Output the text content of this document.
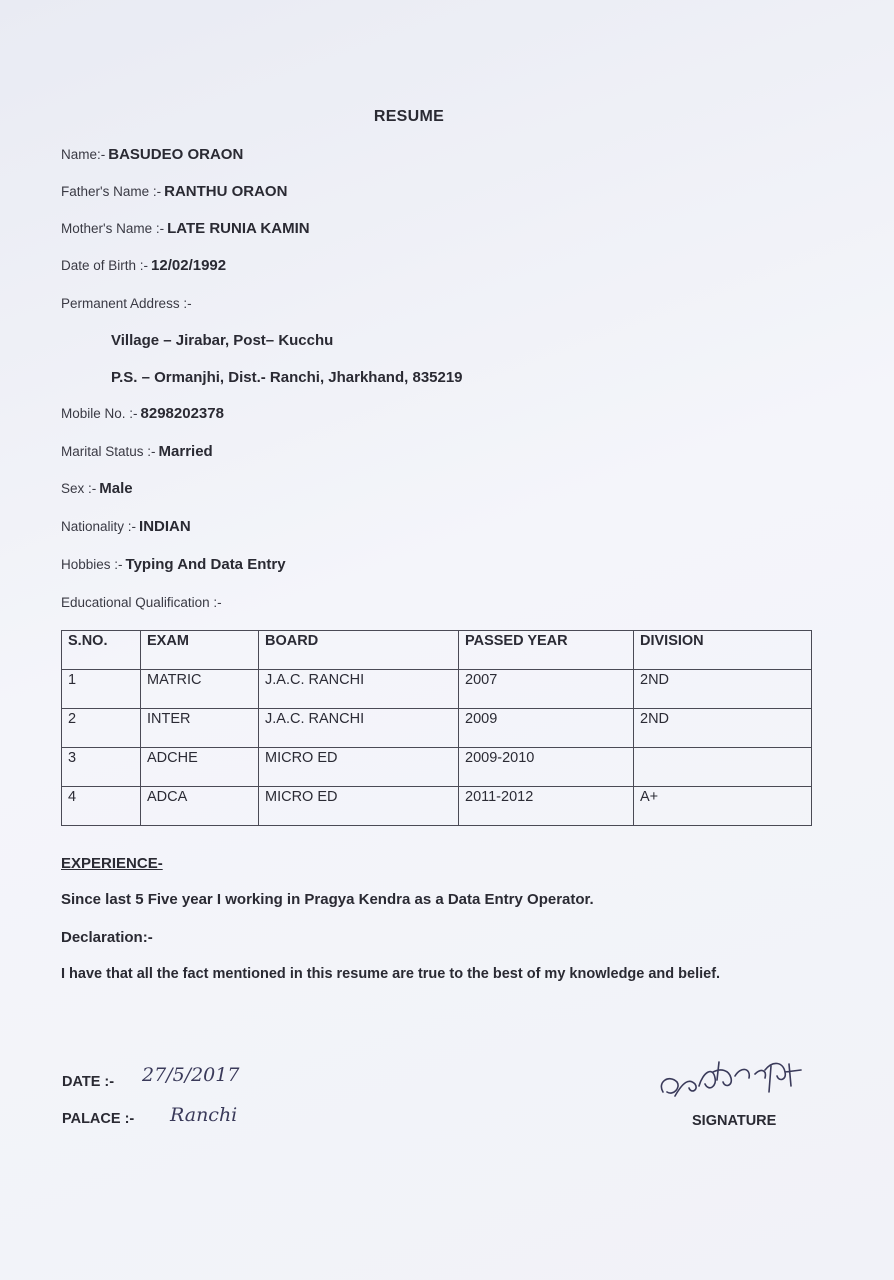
RESUME
Name:- BASUDEO ORAON
Father's Name :- RANTHU ORAON
Mother's Name :- LATE RUNIA KAMIN
Date of Birth :- 12/02/1992
Permanent Address :-
Village – Jirabar, Post– Kucchu
P.S. – Ormanjhi, Dist.- Ranchi, Jharkhand, 835219
Mobile No. :- 8298202378
Marital Status :- Married
Sex :- Male
Nationality :- INDIAN
Hobbies :- Typing And Data Entry
Educational Qualification :-
S.NO.	EXAM	BOARD	PASSED YEAR	DIVISION
1	MATRIC	J.A.C. RANCHI	2007	2ND
2	INTER	J.A.C. RANCHI	2009	2ND
3	ADCHE	MICRO ED	2009-2010	
4	ADCA	MICRO ED	2011-2012	A+
EXPERIENCE-
Since last 5 Five year I working in Pragya Kendra as a Data Entry Operator.
Declaration:-
I have that all the fact mentioned in this resume are true to the best of my knowledge and belief.
DATE :- 27/5/2017
PALACE :- Ranchi	SIGNATURE
